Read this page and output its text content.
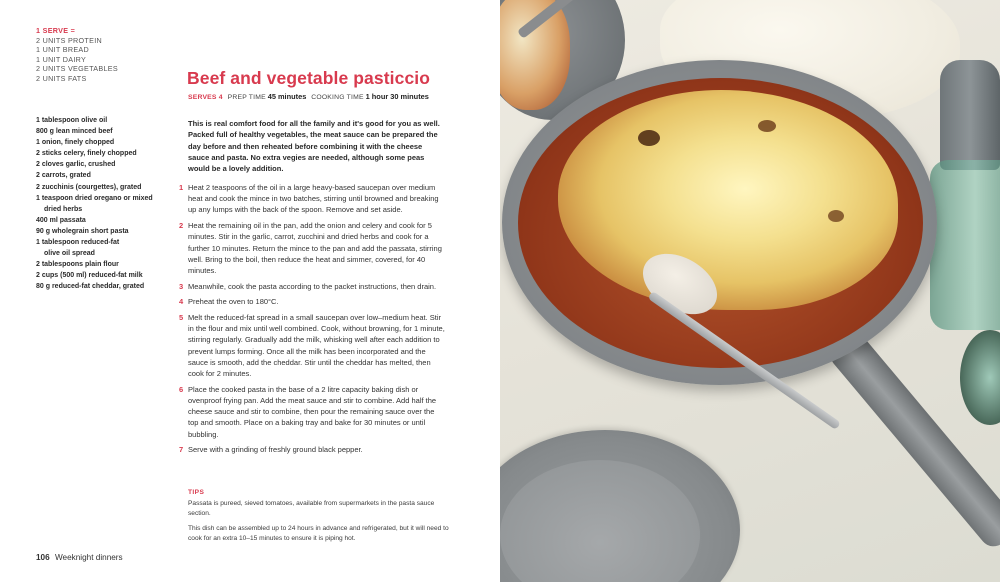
1 SERVE =
2 UNITS PROTEIN
1 UNIT BREAD
1 UNIT DAIRY
2 UNITS VEGETABLES
2 UNITS FATS	Beef and vegetable pasticcio
SERVES 4 PREP TIME 45 minutes COOKING TIME 1 hour 30 minutes
1 tablespoon olive oil
800 g lean minced beef
1 onion, finely chopped
2 sticks celery, finely chopped
2 cloves garlic, crushed
2 carrots, grated
2 zucchinis (courgettes), grated
1 teaspoon dried oregano or mixed
dried herbs
400 ml passata
90 g wholegrain short pasta
1 tablespoon reduced-fat
olive oil spread
2 tablespoons plain flour
2 cups (500 ml) reduced-fat milk
80 g reduced-fat cheddar, grated

This is real comfort food for all the family and it's good for you as well. Packed full of healthy vegetables, the meat sauce can be prepared the day before and then reheated before combining it with the cheese sauce and pasta. No extra vegies are needed, although some peas would be a lovely addition.

1 Heat 2 teaspoons of the oil in a large heavy-based saucepan over medium heat and cook the mince in two batches, stirring until browned and breaking up any lumps with the back of the spoon. Remove and set aside.
2 Heat the remaining oil in the pan, add the onion and celery and cook for 5 minutes. Stir in the garlic, carrot, zucchini and dried herbs and cook for a further 10 minutes. Return the mince to the pan and add the passata, stirring well. Bring to the boil, then reduce the heat and simmer, covered, for 40 minutes.
3 Meanwhile, cook the pasta according to the packet instructions, then drain.
4 Preheat the oven to 180°C.
5 Melt the reduced-fat spread in a small saucepan over low–medium heat. Stir in the flour and mix until well combined. Cook, without browning, for 1 minute, stirring regularly. Gradually add the milk, whisking well after each addition to prevent lumps forming. Once all the milk has been incorporated and the sauce is smooth, add the cheddar. Stir until the cheddar has melted, then cook for 2 minutes.
6 Place the cooked pasta in the base of a 2 litre capacity baking dish or ovenproof frying pan. Add the meat sauce and stir to combine. Add half the cheese sauce and stir to combine, then pour the remaining sauce over the top and smooth. Place on a baking tray and bake for 30 minutes or until bubbling.
7 Serve with a grinding of freshly ground black pepper.
TIPS

Passata is pureed, sieved tomatoes, available from supermarkets in the pasta sauce section.

This dish can be assembled up to 24 hours in advance and refrigerated, but it will need to cook for an extra 10–15 minutes to ensure it is piping hot.

106 Weeknight dinners
